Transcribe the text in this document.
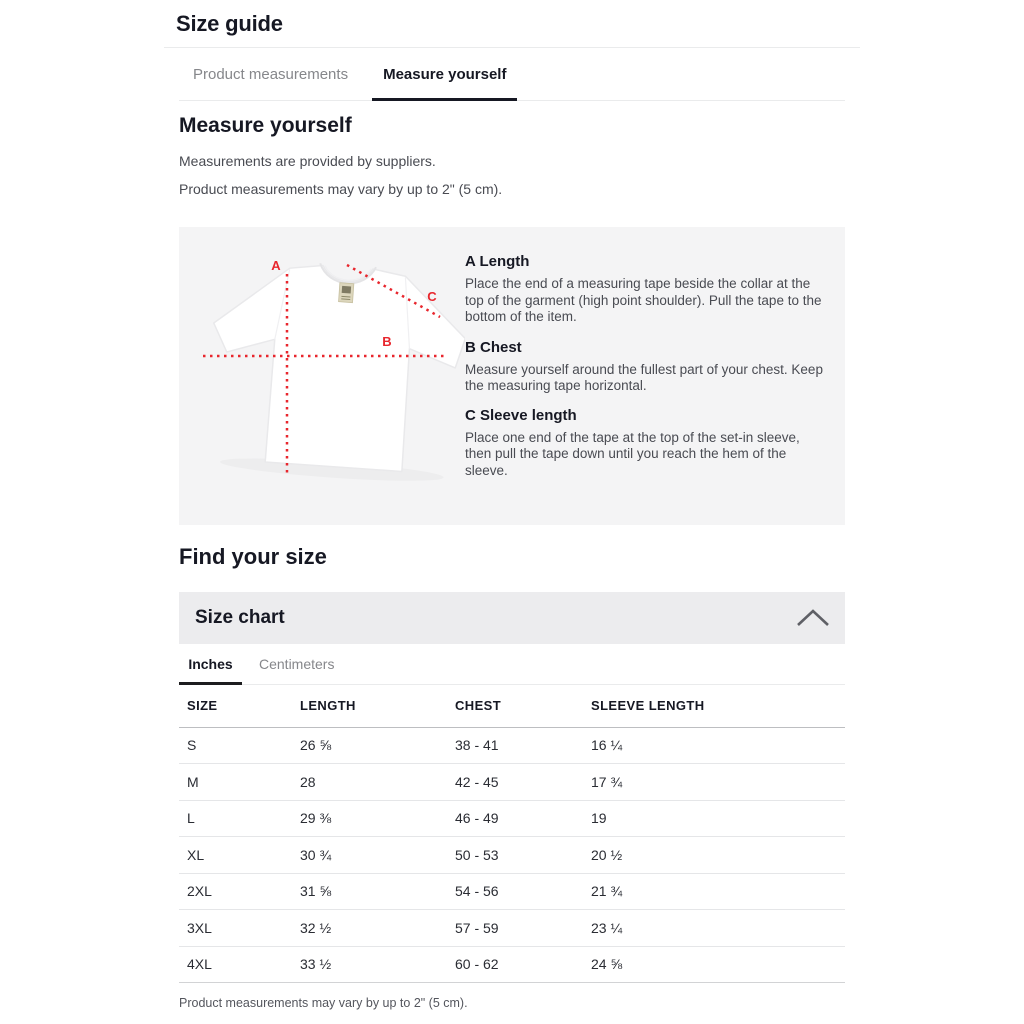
Size guide
Product measurements	Measure yourself
Measure yourself

Measurements are provided by suppliers.

Product measurements may vary by up to 2" (5 cm).

A
B
C
A Length
Place the end of a measuring tape beside the collar at the top of the garment (high point shoulder). Pull the tape to the bottom of the item.
B Chest
Measure yourself around the fullest part of your chest. Keep the measuring tape horizontal.
C Sleeve length
Place one end of the tape at the top of the set-in sleeve, then pull the tape down until you reach the hem of the sleeve.
Find your size
Size chart
Inches	Centimeters
SIZE	LENGTH	CHEST	SLEEVE LENGTH
S	26 ⅝	38 - 41	16 ¼
M	28	42 - 45	17 ¾
L	29 ⅜	46 - 49	19
XL	30 ¾	50 - 53	20 ½
2XL	31 ⅝	54 - 56	21 ¾
3XL	32 ½	57 - 59	23 ¼
4XL	33 ½	60 - 62	24 ⅝

Product measurements may vary by up to 2" (5 cm).
